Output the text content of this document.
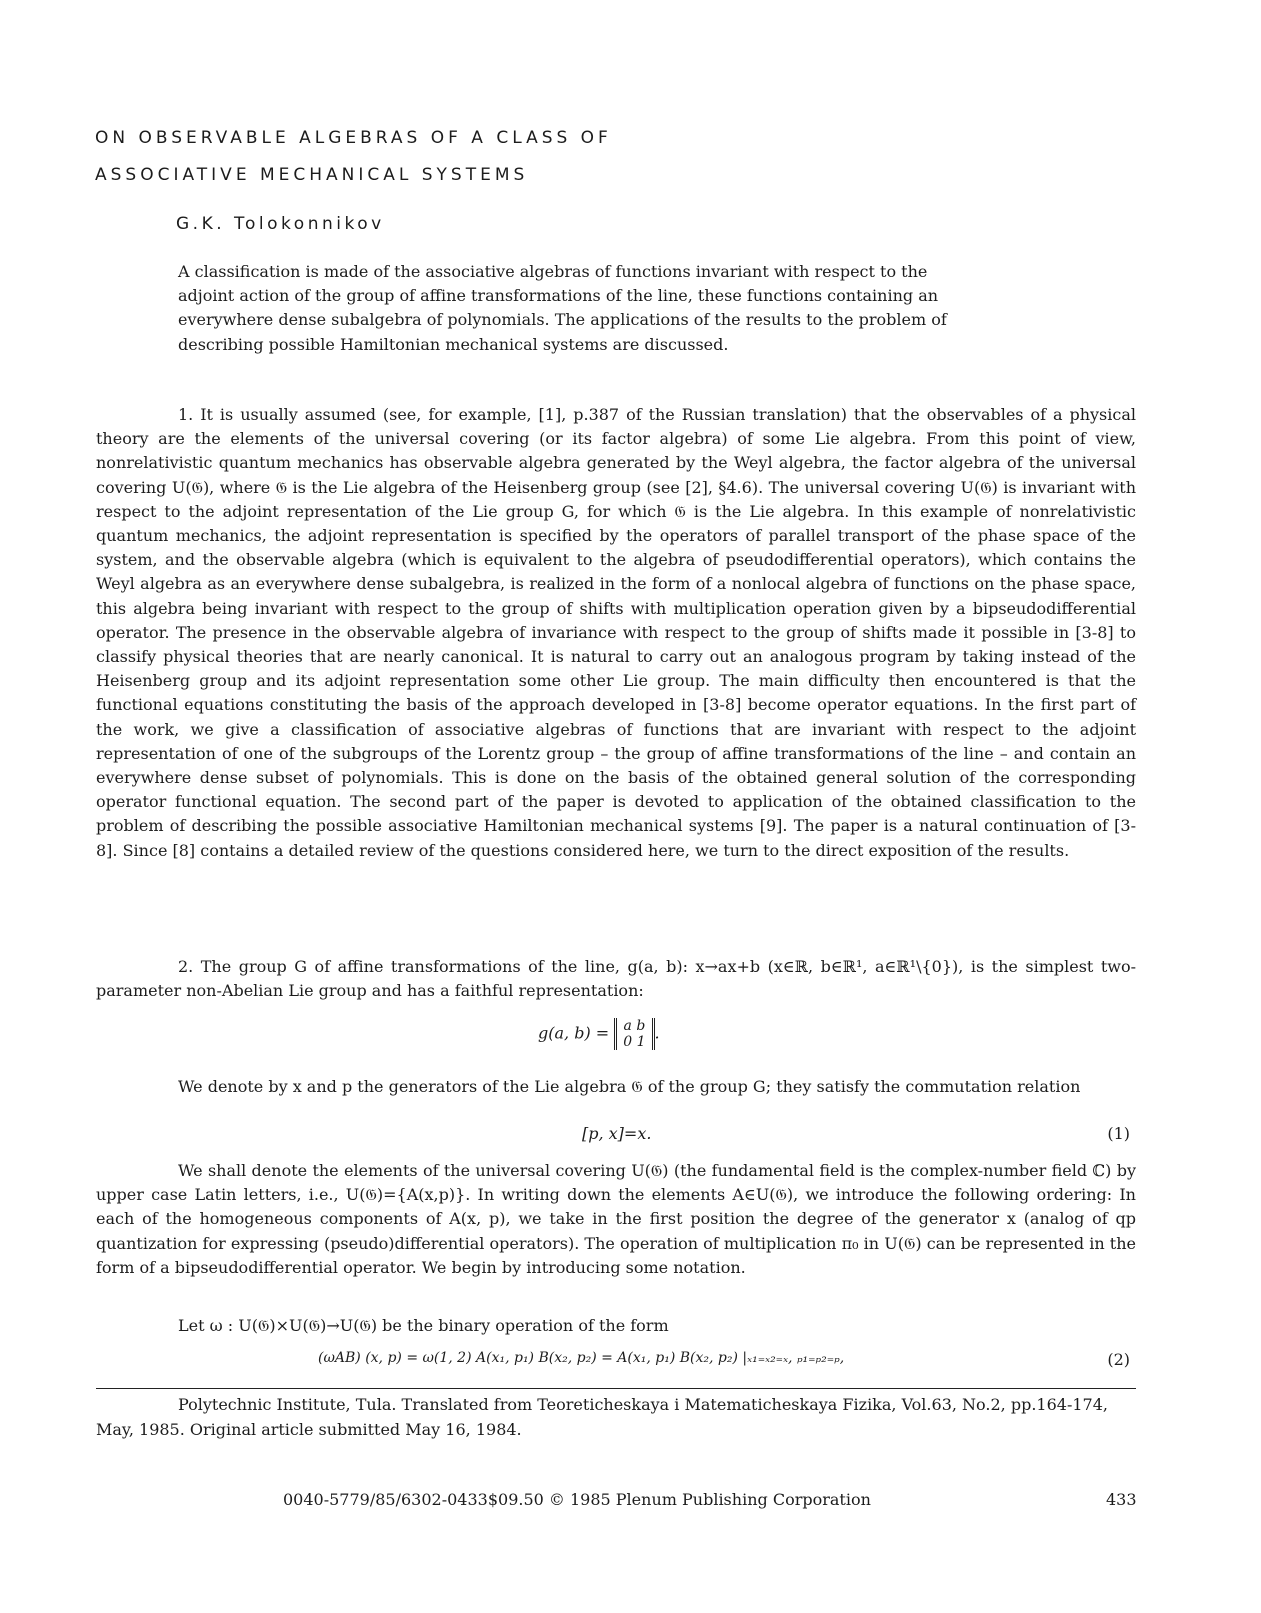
ON OBSERVABLE ALGEBRAS OF A CLASS OF
ASSOCIATIVE MECHANICAL SYSTEMS
G.K. Tolokonnikov
A classification is made of the associative algebras of functions invariant with respect to the adjoint action of the group of affine transformations of the line, these functions containing an everywhere dense subalgebra of polynomials. The applications of the results to the problem of describing possible Hamiltonian mechanical systems are discussed.
1. It is usually assumed (see, for example, [1], p.387 of the Russian translation) that the observables of a physical theory are the elements of the universal covering (or its factor algebra) of some Lie algebra. From this point of view, nonrelativistic quantum mechanics has observable algebra generated by the Weyl algebra, the factor algebra of the universal covering U(𝔊), where 𝔊 is the Lie algebra of the Heisenberg group (see [2], §4.6). The universal covering U(𝔊) is invariant with respect to the adjoint representation of the Lie group G, for which 𝔊 is the Lie algebra. In this example of nonrelativistic quantum mechanics, the adjoint representation is specified by the operators of parallel transport of the phase space of the system, and the observable algebra (which is equivalent to the algebra of pseudodifferential operators), which contains the Weyl algebra as an everywhere dense subalgebra, is realized in the form of a nonlocal algebra of functions on the phase space, this algebra being invariant with respect to the group of shifts with multiplication operation given by a bipseudodifferential operator. The presence in the observable algebra of invariance with respect to the group of shifts made it possible in [3-8] to classify physical theories that are nearly canonical. It is natural to carry out an analogous program by taking instead of the Heisenberg group and its adjoint representation some other Lie group. The main difficulty then encountered is that the functional equations constituting the basis of the approach developed in [3-8] become operator equations. In the first part of the work, we give a classification of associative algebras of functions that are invariant with respect to the adjoint representation of one of the subgroups of the Lorentz group – the group of affine transformations of the line – and contain an everywhere dense subset of polynomials. This is done on the basis of the obtained general solution of the corresponding operator functional equation. The second part of the paper is devoted to application of the obtained classification to the problem of describing the possible associative Hamiltonian mechanical systems [9]. The paper is a natural continuation of [3-8]. Since [8] contains a detailed review of the questions considered here, we turn to the direct exposition of the results.
2. The group G of affine transformations of the line, g(a, b): x→ax+b (x∈ℝ, b∈ℝ¹, a∈ℝ¹\{0}), is the simplest two-parameter non-Abelian Lie group and has a faithful representation:
g(a, b) = a b
0 1 .
We denote by x and p the generators of the Lie algebra 𝔊 of the group G; they satisfy the commutation relation
[p, x]=x.	(1)
We shall denote the elements of the universal covering U(𝔊) (the fundamental field is the complex-number field ℂ) by upper case Latin letters, i.e., U(𝔊)={A(x,p)}. In writing down the elements A∈U(𝔊), we introduce the following ordering: In each of the homogeneous components of A(x, p), we take in the first position the degree of the generator x (analog of qp quantization for expressing (pseudo)differential operators). The operation of multiplication π₀ in U(𝔊) can be represented in the form of a bipseudodifferential operator. We begin by introducing some notation.
Let ω : U(𝔊)×U(𝔊)→U(𝔊) be the binary operation of the form
(ωAB) (x, p) = ω(1, 2) A(x₁, p₁) B(x₂, p₂) = A(x₁, p₁) B(x₂, p₂) |ₓ₁₌ₓ₂₌ₓ, ₚ₁₌ₚ₂₌ₚ,	(2)
Polytechnic Institute, Tula. Translated from Teoreticheskaya i Matematicheskaya Fizika, Vol.63, No.2, pp.164-174, May, 1985. Original article submitted May 16, 1984.
0040-5779/85/6302-0433$09.50 © 1985 Plenum Publishing Corporation	433
